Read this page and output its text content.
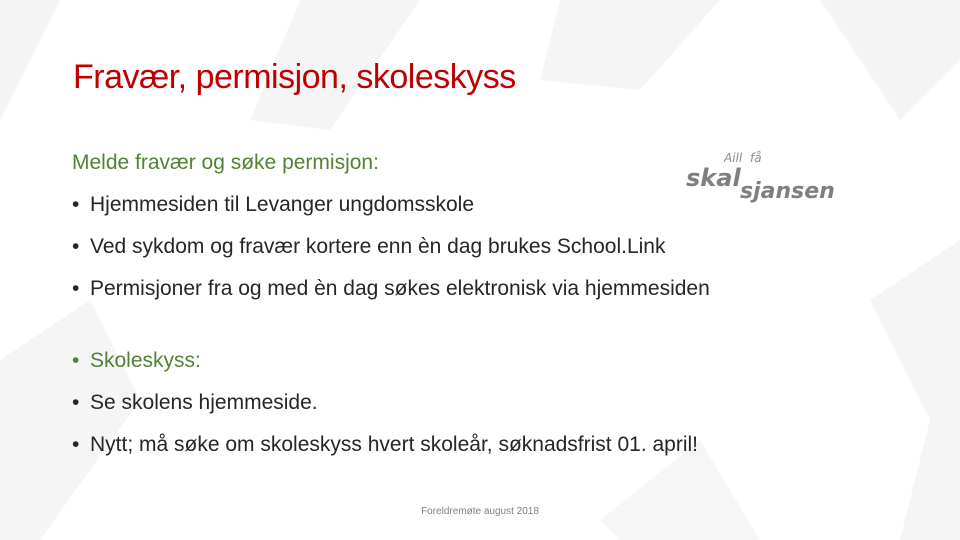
Fravær, permisjon, skoleskyss
Melde fravær og søke permisjon:
• Hjemmesiden til Levanger ungdomsskole
• Ved sykdom og fravær kortere enn èn dag brukes School.Link
• Permisjoner fra og med èn dag søkes elektronisk via hjemmesiden
• Skoleskyss:
• Se skolens hjemmeside.
• Nytt; må søke om skoleskyss hvert skoleår, søknadsfrist 01. april!
Aill få
skal sjansen
Foreldremøte august 2018
